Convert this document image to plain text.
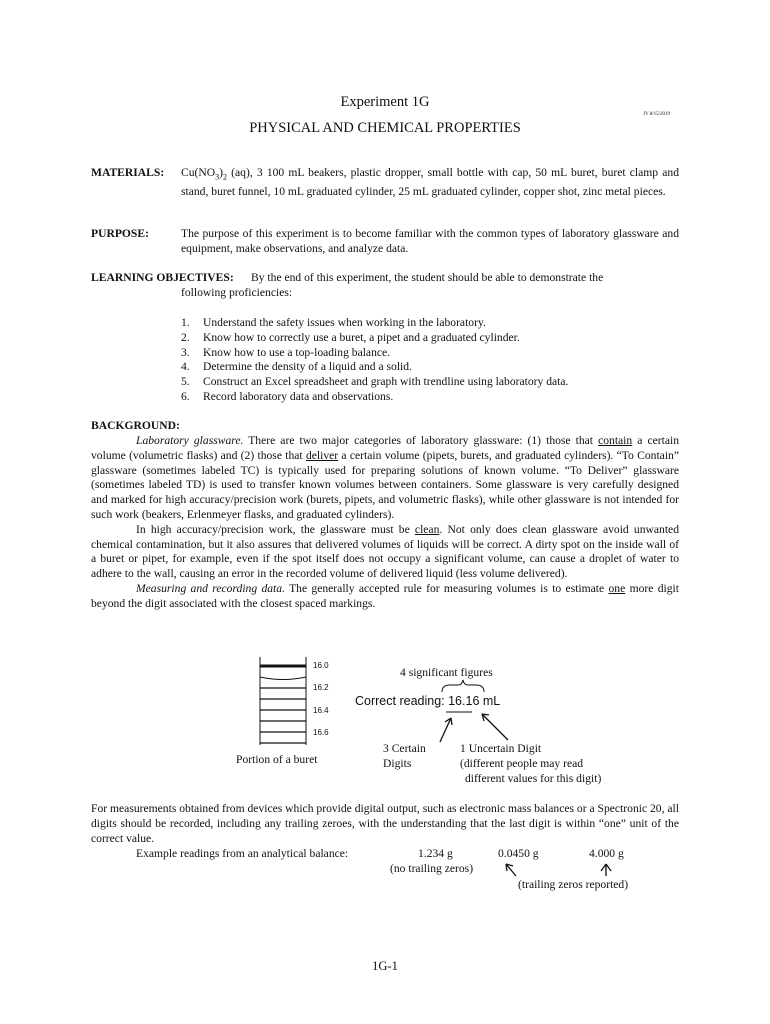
Experiment 1G
JV 8/15/2019
PHYSICAL AND CHEMICAL PROPERTIES
MATERIALS: $Cu(NO_3)_2$ (aq), 3 100 mL beakers, plastic dropper, small bottle with cap, 50 mL buret, buret clamp and stand, buret funnel, 10 mL graduated cylinder, 25 mL graduated cylinder, copper shot, zinc metal pieces.
PURPOSE:	The purpose of this experiment is to become familiar with the common types of laboratory glassware and equipment, make observations, and analyze data.
LEARNING OBJECTIVES: By the end of this experiment, the student should be able to demonstrate the
following proficiencies:
1. Understand the safety issues when working in the laboratory.
2. Know how to correctly use a buret, a pipet and a graduated cylinder.
3. Know how to use a top-loading balance.
4. Determine the density of a liquid and a solid.
5. Construct an Excel spreadsheet and graph with trendline using laboratory data.
6. Record laboratory data and observations.
BACKGROUND:

Laboratory glassware. There are two major categories of laboratory glassware: (1) those that contain a certain volume (volumetric flasks) and (2) those that deliver a certain volume (pipets, burets, and graduated cylinders). “To Contain” glassware (sometimes labeled TC) is typically used for preparing solutions of known volume. “To Deliver” glassware (sometimes labeled TD) is used to transfer known volumes between containers. Some glassware is very carefully designed and marked for high accuracy/precision work (burets, pipets, and volumetric flasks), while other glassware is not intended for such work (beakers, Erlenmeyer flasks, and graduated cylinders).

In high accuracy/precision work, the glassware must be clean. Not only does clean glassware avoid unwanted chemical contamination, but it also assures that delivered volumes of liquids will be correct. A dirty spot on the inside wall of a buret or pipet, for example, even if the spot itself does not occupy a significant volume, can cause a droplet of water to adhere to the wall, causing an error in the recorded volume of delivered liquid (less volume delivered).

Measuring and recording data. The generally accepted rule for measuring volumes is to estimate one more digit beyond the digit associated with the closest spaced markings.

16.0
16.2
16.4
16.6
Portion of a buret
4 significant figures
Correct reading: 16.16 mL
3 Certain
Digits
1 Uncertain Digit
(different people may read
different values for this digit)
For measurements obtained from devices which provide digital output, such as electronic mass balances or a Spectronic 20, all digits should be recorded, including any trailing zeroes, with the understanding that the last digit is within “one” unit of the correct value.
Example readings from an analytical balance:	1.234 g	0.0450 g	4.000 g
(no trailing zeros)
(trailing zeros reported)
1G-1
